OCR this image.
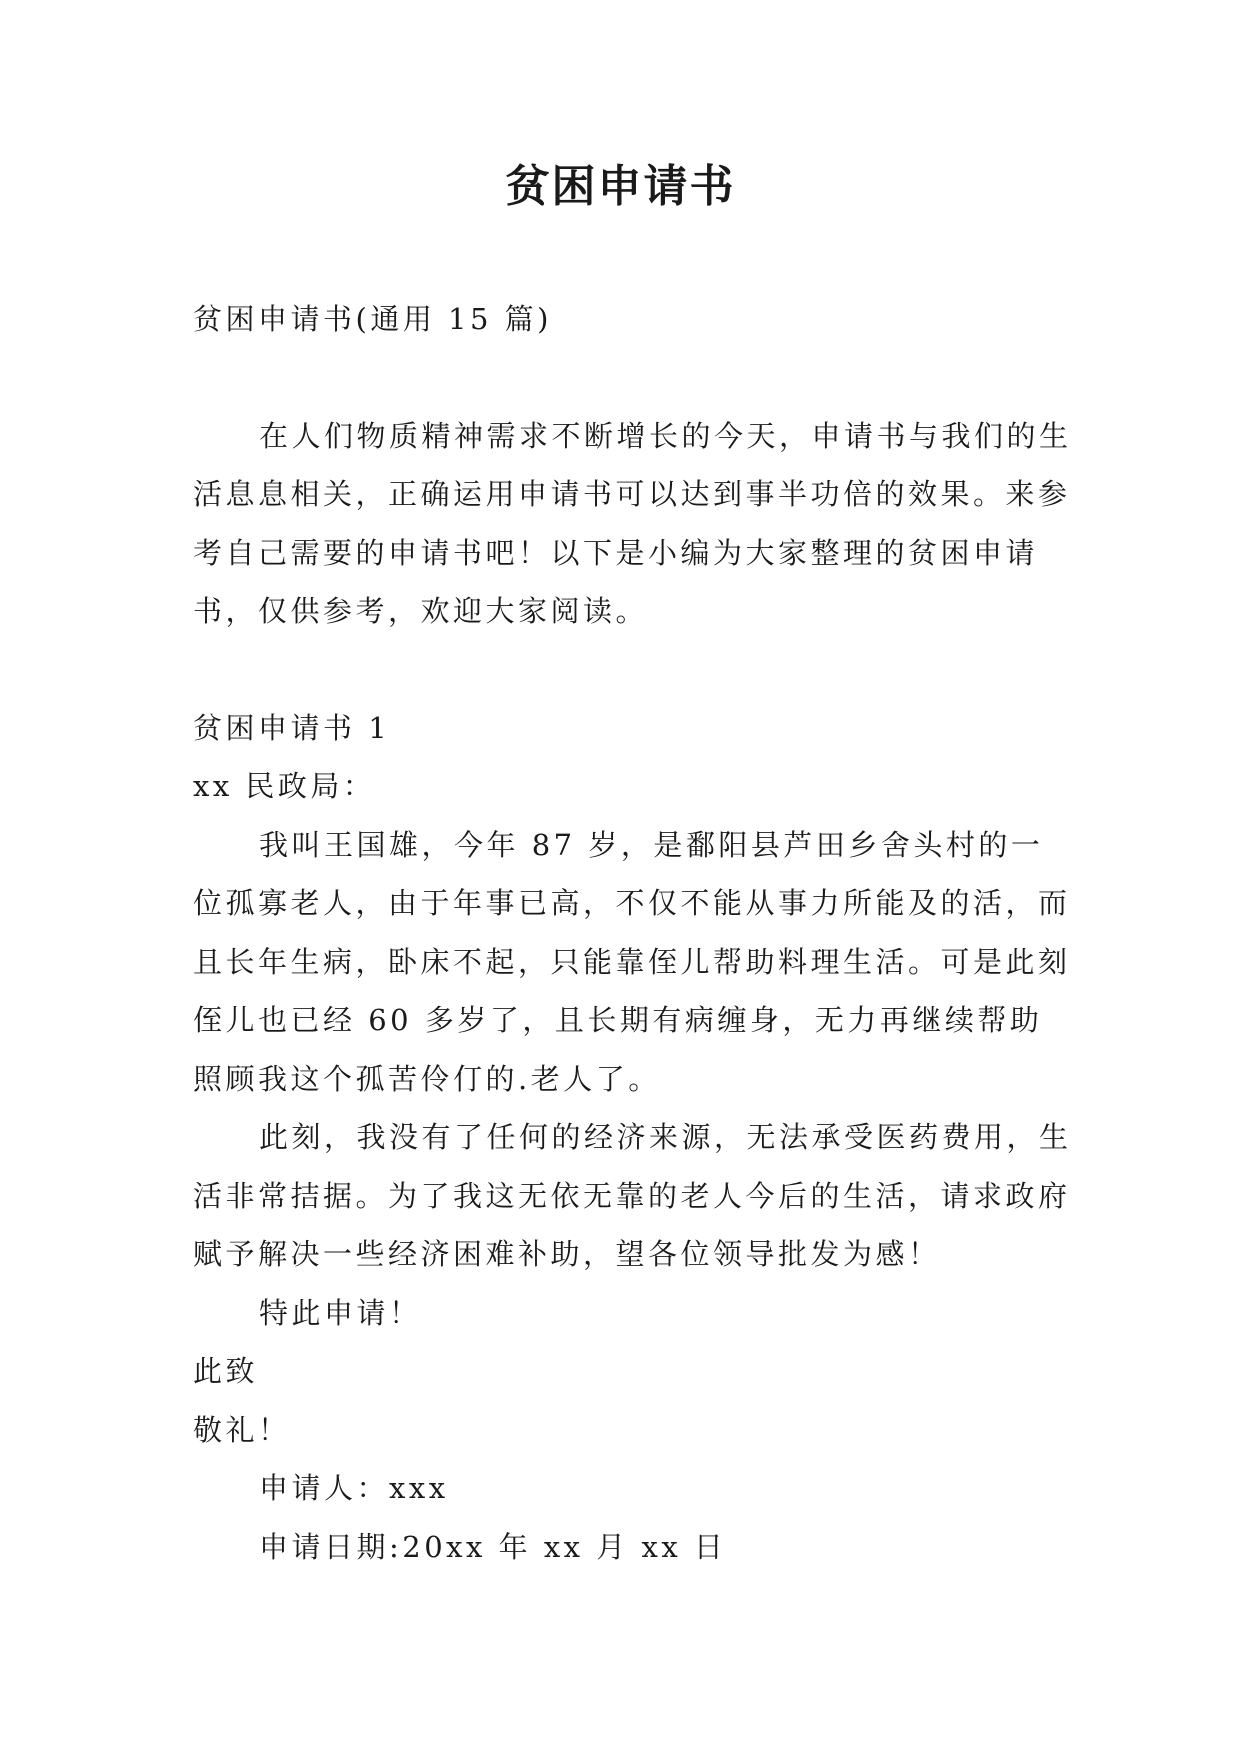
贫困申请书

贫困申请书(通用 15 篇)

在人们物质精神需求不断增长的今天，申请书与我们的生活息息相关，正确运用申请书可以达到事半功倍的效果。来参考自己需要的申请书吧！以下是小编为大家整理的贫困申请书，仅供参考，欢迎大家阅读。

贫困申请书 1

xx 民政局：

我叫王国雄，今年 87 岁，是鄱阳县芦田乡舍头村的一位孤寡老人，由于年事已高，不仅不能从事力所能及的活，而且长年生病，卧床不起，只能靠侄儿帮助料理生活。可是此刻侄儿也已经 60 多岁了，且长期有病缠身，无力再继续帮助照顾我这个孤苦伶仃的.老人了。

此刻，我没有了任何的经济来源，无法承受医药费用，生活非常拮据。为了我这无依无靠的老人今后的生活，请求政府赋予解决一些经济困难补助，望各位领导批发为感！

特此申请！

此致

敬礼！

申请人：xxx

申请日期:20xx 年 xx 月 xx 日
